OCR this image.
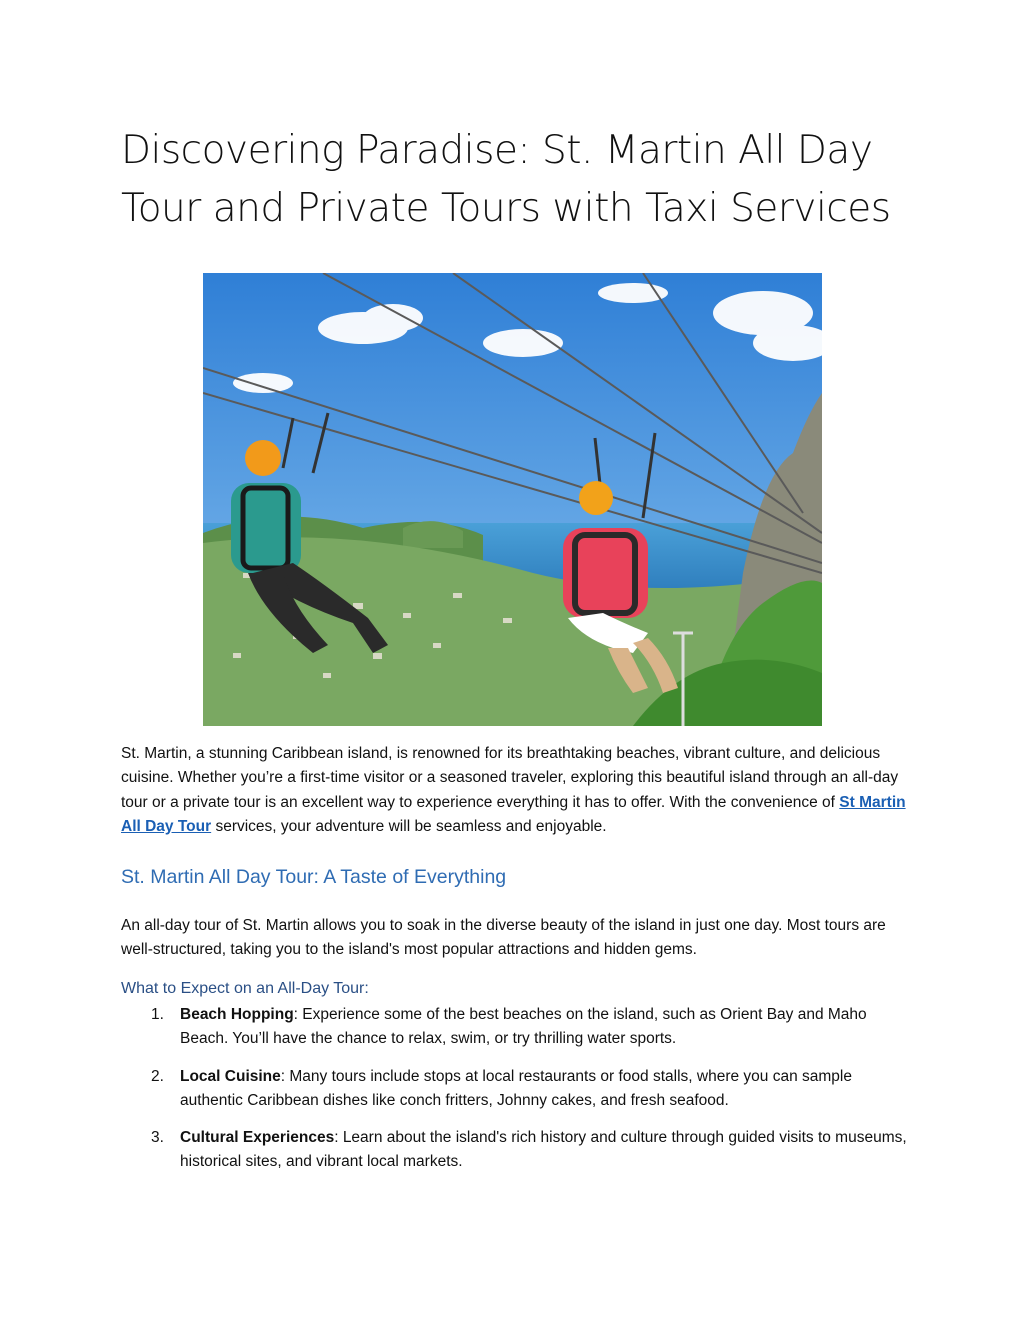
Discovering Paradise: St. Martin All Day Tour and Private Tours with Taxi Services

St. Martin, a stunning Caribbean island, is renowned for its breathtaking beaches, vibrant culture, and delicious cuisine. Whether you’re a first-time visitor or a seasoned traveler, exploring this beautiful island through an all-day tour or a private tour is an excellent way to experience everything it has to offer. With the convenience of St Martin All Day Tour services, your adventure will be seamless and enjoyable.

St. Martin All Day Tour: A Taste of Everything

An all-day tour of St. Martin allows you to soak in the diverse beauty of the island in just one day. Most tours are well-structured, taking you to the island's most popular attractions and hidden gems.

What to Expect on an All-Day Tour:
1. Beach Hopping: Experience some of the best beaches on the island, such as Orient Bay and Maho Beach. You’ll have the chance to relax, swim, or try thrilling water sports.
2. Local Cuisine: Many tours include stops at local restaurants or food stalls, where you can sample authentic Caribbean dishes like conch fritters, Johnny cakes, and fresh seafood.
3. Cultural Experiences: Learn about the island's rich history and culture through guided visits to museums, historical sites, and vibrant local markets.
